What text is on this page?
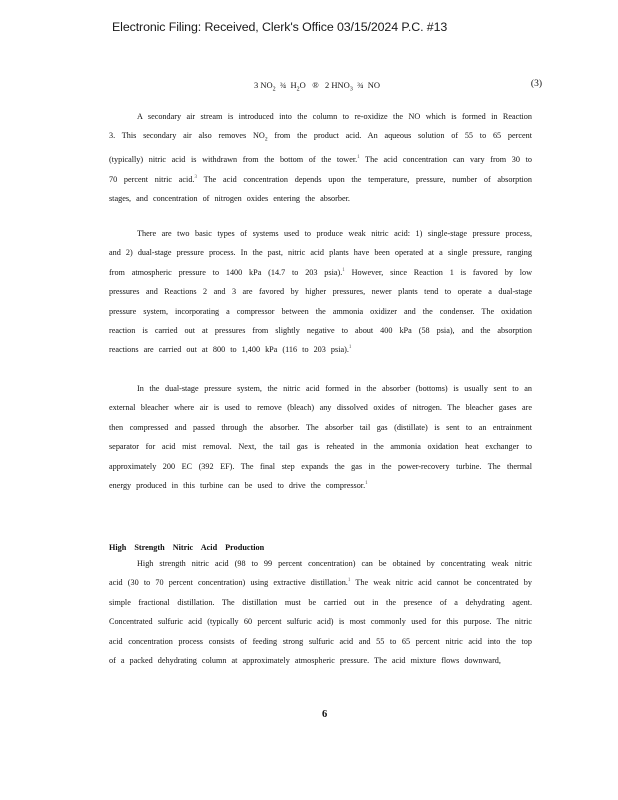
Electronic Filing: Received, Clerk's Office 03/15/2024 P.C. #13
3 $NO_2$ ¾ $H_2O$ ® 2 $HNO_3$ ¾ NO	(3)

A secondary air stream is introduced into the column to re-oxidize the NO which is formed in Reaction 3. This secondary air also removes $NO_2$ from the product acid. An aqueous solution of 55 to 65 percent (typically) nitric acid is withdrawn from the bottom of the tower.$^1$ The acid concentration can vary from 30 to 70 percent nitric acid.$^3$ The acid concentration depends upon the temperature, pressure, number of absorption stages, and concentration of nitrogen oxides entering the absorber.

There are two basic types of systems used to produce weak nitric acid: 1) single-stage pressure process, and 2) dual-stage pressure process. In the past, nitric acid plants have been operated at a single pressure, ranging from atmospheric pressure to 1400 kPa (14.7 to 203 psia).$^1$ However, since Reaction 1 is favored by low pressures and Reactions 2 and 3 are favored by higher pressures, newer plants tend to operate a dual-stage pressure system, incorporating a compressor between the ammonia oxidizer and the condenser. The oxidation reaction is carried out at pressures from slightly negative to about 400 kPa (58 psia), and the absorption reactions are carried out at 800 to 1,400 kPa (116 to 203 psia).$^1$

In the dual-stage pressure system, the nitric acid formed in the absorber (bottoms) is usually sent to an external bleacher where air is used to remove (bleach) any dissolved oxides of nitrogen. The bleacher gases are then compressed and passed through the absorber. The absorber tail gas (distillate) is sent to an entrainment separator for acid mist removal. Next, the tail gas is reheated in the ammonia oxidation heat exchanger to approximately 200 EC (392 EF). The final step expands the gas in the power-recovery turbine. The thermal energy produced in this turbine can be used to drive the compressor.$^1$

High Strength Nitric Acid Production

High strength nitric acid (98 to 99 percent concentration) can be obtained by concentrating weak nitric acid (30 to 70 percent concentration) using extractive distillation.$^1$ The weak nitric acid cannot be concentrated by simple fractional distillation. The distillation must be carried out in the presence of a dehydrating agent. Concentrated sulfuric acid (typically 60 percent sulfuric acid) is most commonly used for this purpose. The nitric acid concentration process consists of feeding strong sulfuric acid and 55 to 65 percent nitric acid into the top of a packed dehydrating column at approximately atmospheric pressure. The acid mixture flows downward,

6
